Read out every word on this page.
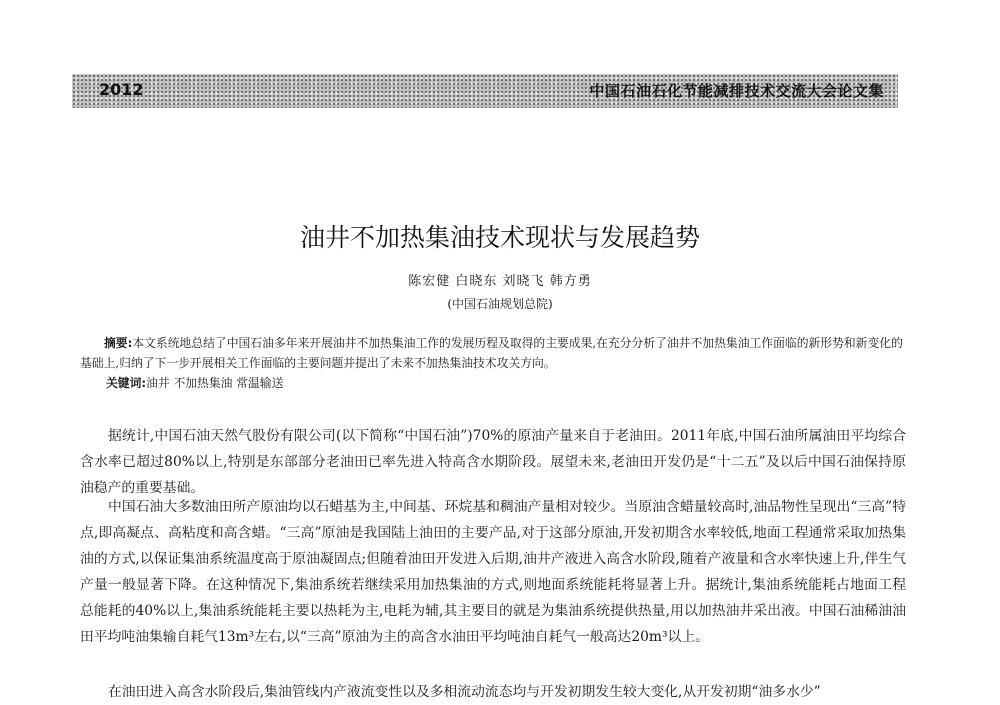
2012	中国石油石化节能减排技术交流大会论文集
油井不加热集油技术现状与发展趋势
陈宏健 白晓东 刘晓飞 韩方勇
(中国石油规划总院)
摘要:本文系统地总结了中国石油多年来开展油井不加热集油工作的发展历程及取得的主要成果,在充分分析了油井不加热集油工作面临的新形势和新变化的基础上,归纳了下一步开展相关工作面临的主要问题并提出了未来不加热集油技术攻关方向。
关键词:油井 不加热集油 常温输送

据统计,中国石油天然气股份有限公司(以下简称“中国石油”)70%的原油产量来自于老油田。2011年底,中国石油所属油田平均综合含水率已超过80%以上,特别是东部部分老油田已率先进入特高含水期阶段。展望未来,老油田开发仍是“十二五”及以后中国石油保持原油稳产的重要基础。

中国石油大多数油田所产原油均以石蜡基为主,中间基、环烷基和稠油产量相对较少。当原油含蜡量较高时,油品物性呈现出“三高”特点,即高凝点、高粘度和高含蜡。“三高”原油是我国陆上油田的主要产品,对于这部分原油,开发初期含水率较低,地面工程通常采取加热集油的方式,以保证集油系统温度高于原油凝固点;但随着油田开发进入后期,油井产液进入高含水阶段,随着产液量和含水率快速上升,伴生气产量一般显著下降。在这种情况下,集油系统若继续采用加热集油的方式,则地面系统能耗将显著上升。据统计,集油系统能耗占地面工程总能耗的40%以上,集油系统能耗主要以热耗为主,电耗为辅,其主要目的就是为集油系统提供热量,用以加热油井采出液。中国石油稀油油田平均吨油集输自耗气13m³左右,以“三高”原油为主的高含水油田平均吨油自耗气一般高达20m³以上。

在油田进入高含水阶段后,集油管线内产液流变性以及多相流动流态均与开发初期发生较大变化,从开发初期“油多水少”
